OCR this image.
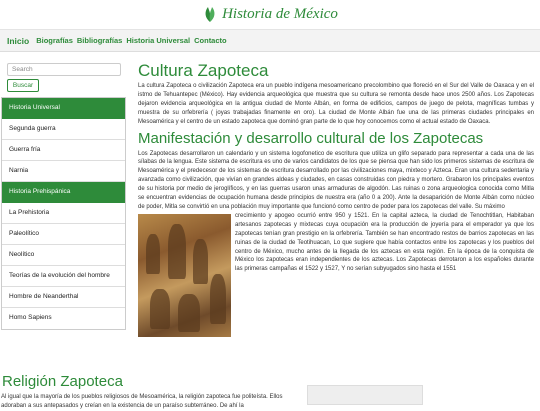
Historia de México
Inicio Biografías Bibliografías Historia Universal Contacto
Search
Buscar
Historia Universal
Segunda guerra
Guerra fría
Narnia
Historia Prehispánica
La Prehistoria
Paleolítico
Neolítico
Teorías de la evolución del hombre
Hombre de Neanderthal
Homo Sapiens
Cultura Zapoteca

La cultura Zapoteca o civilización Zapoteca era un pueblo indígena mesoamericano precolombino que floreció en el Sur del Valle de Oaxaca y en el istmo de Tehuantepec (México). Hay evidencia arqueológica que muestra que su cultura se remonta desde hace unos 2500 años. Los Zapotecas dejaron evidencia arqueológica en la antigua ciudad de Monte Albán, en forma de edificios, campos de juego de pelota, magníficas tumbas y muestra de su orfebrería ( joyas trabajadas finamente en oro). La ciudad de Monte Albán fue una de las primeras ciudades principales en Mesoamérica y el centro de un estado zapoteca que dominó gran parte de lo que hoy conocemos como el actual estado de Oaxaca.

Manifestación y desarrollo cultural de los Zapotecas

Los Zapotecas desarrollaron un calendario y un sistema logofonetico de escritura que utiliza un glifo separado para representar a cada una de las sílabas de la lengua. Este sistema de escritura es uno de varios candidatos de los que se piensa que han sido los primeros sistemas de escritura de Mesoamérica y el predecesor de los sistemas de escritura desarrollado por las civilizaciones maya, mixteco y Azteca. Eran una cultura sedentaria y avanzada como civilización, que vivían en grandes aldeas y ciudades, en casas construidas con piedra y mortero. Grabaron los principales eventos de su historia por medio de jeroglíficos, y en las guerras usaron unas armaduras de algodón. Las ruinas o zona arqueologica conocida como Mitla se encuentran evidencias de ocupación humana desde principios de nuestra era (año 0 a 200). Ante la desaparición de Monte Albán como núcleo de poder, Mitla se convirtió en una población muy importante que funcionó como centro de poder para los zapotecas del valle. Su máximo

crecimiento y apogeo ocurrió entre 950 y 1521. En la capital azteca, la ciudad de Tenochtitlan, Habitaban artesanos zapotecas y mixtecas cuya ocupación era la producción de joyería para el emperador ya que los zapotecas tenían gran prestigio en la orfebrería. También se han encontrado restos de barrios zapotecas en las ruinas de la ciudad de Teotihuacan, Lo que sugiere que había contactos entre los zapotecas y los pueblos del centro de México, mucho antes de la llegada de los aztecas en esta región. En la época de la conquista de México los zapotecas eran independientes de los aztecas. Los Zapotecas derrotaron a los españoles durante las primeras campañas el 1522 y 1527, Y no serían subyugados sino hasta el 1551

Religión Zapoteca

Al igual que la mayoría de los pueblos religiosos de Mesoamérica, la religión zapoteca fue politeísta. Ellos adoraban a sus antepasados y creían en la existencia de un paraíso subterráneo. De ahí la
